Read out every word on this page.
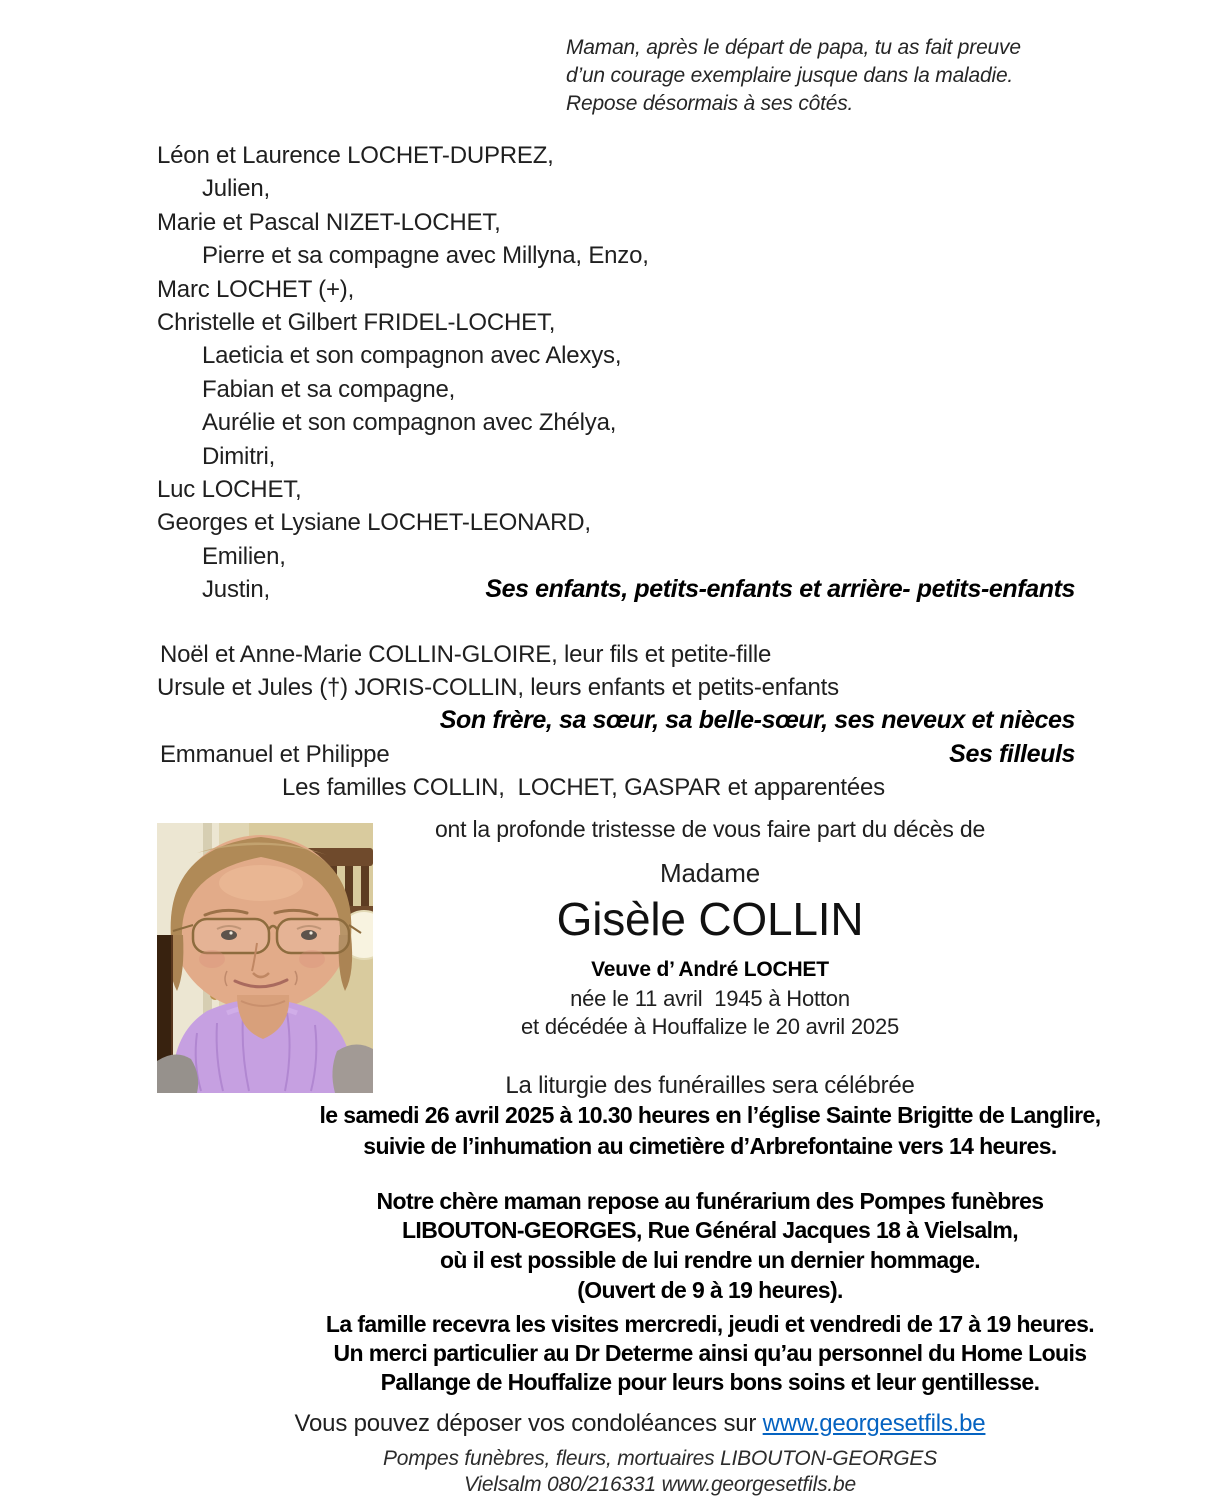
Maman, après le départ de papa, tu as fait preuve
d’un courage exemplaire jusque dans la maladie.
Repose désormais à ses côtés.
Léon et Laurence LOCHET-DUPREZ,
Julien,
Marie et Pascal NIZET-LOCHET,
Pierre et sa compagne avec Millyna, Enzo,
Marc LOCHET (+),
Christelle et Gilbert FRIDEL-LOCHET,
Laeticia et son compagnon avec Alexys,
Fabian et sa compagne,
Aurélie et son compagnon avec Zhélya,
Dimitri,
Luc LOCHET,
Georges et Lysiane LOCHET-LEONARD,
Emilien,
Justin,	Ses enfants, petits-enfants et arrière- petits-enfants
Noël et Anne-Marie COLLIN-GLOIRE, leur fils et petite-fille
Ursule et Jules (†) JORIS-COLLIN, leurs enfants et petits-enfants
Son frère, sa sœur, sa belle-sœur, ses neveux et nièces
Emmanuel et Philippe	Ses filleuls
Les familles COLLIN,  LOCHET, GASPAR et apparentées
ont la profonde tristesse de vous faire part du décès de
Madame
Gisèle COLLIN
Veuve d’ André LOCHET
née le 11 avril  1945 à Hotton
et décédée à Houffalize le 20 avril 2025
La liturgie des funérailles sera célébrée
le samedi 26 avril 2025 à 10.30 heures en l’église Sainte Brigitte de Langlire,
suivie de l’inhumation au cimetière d’Arbrefontaine vers 14 heures.
Notre chère maman repose au funérarium des Pompes funèbres
LIBOUTON-GEORGES, Rue Général Jacques 18 à Vielsalm,
où il est possible de lui rendre un dernier hommage.
(Ouvert de 9 à 19 heures).
La famille recevra les visites mercredi, jeudi et vendredi de 17 à 19 heures.
Un merci particulier au Dr Determe ainsi qu’au personnel du Home Louis
Pallange de Houffalize pour leurs bons soins et leur gentillesse.
Vous pouvez déposer vos condoléances sur www.georgesetfils.be
Pompes funèbres, fleurs, mortuaires LIBOUTON-GEORGES
Vielsalm 080/216331 www.georgesetfils.be
